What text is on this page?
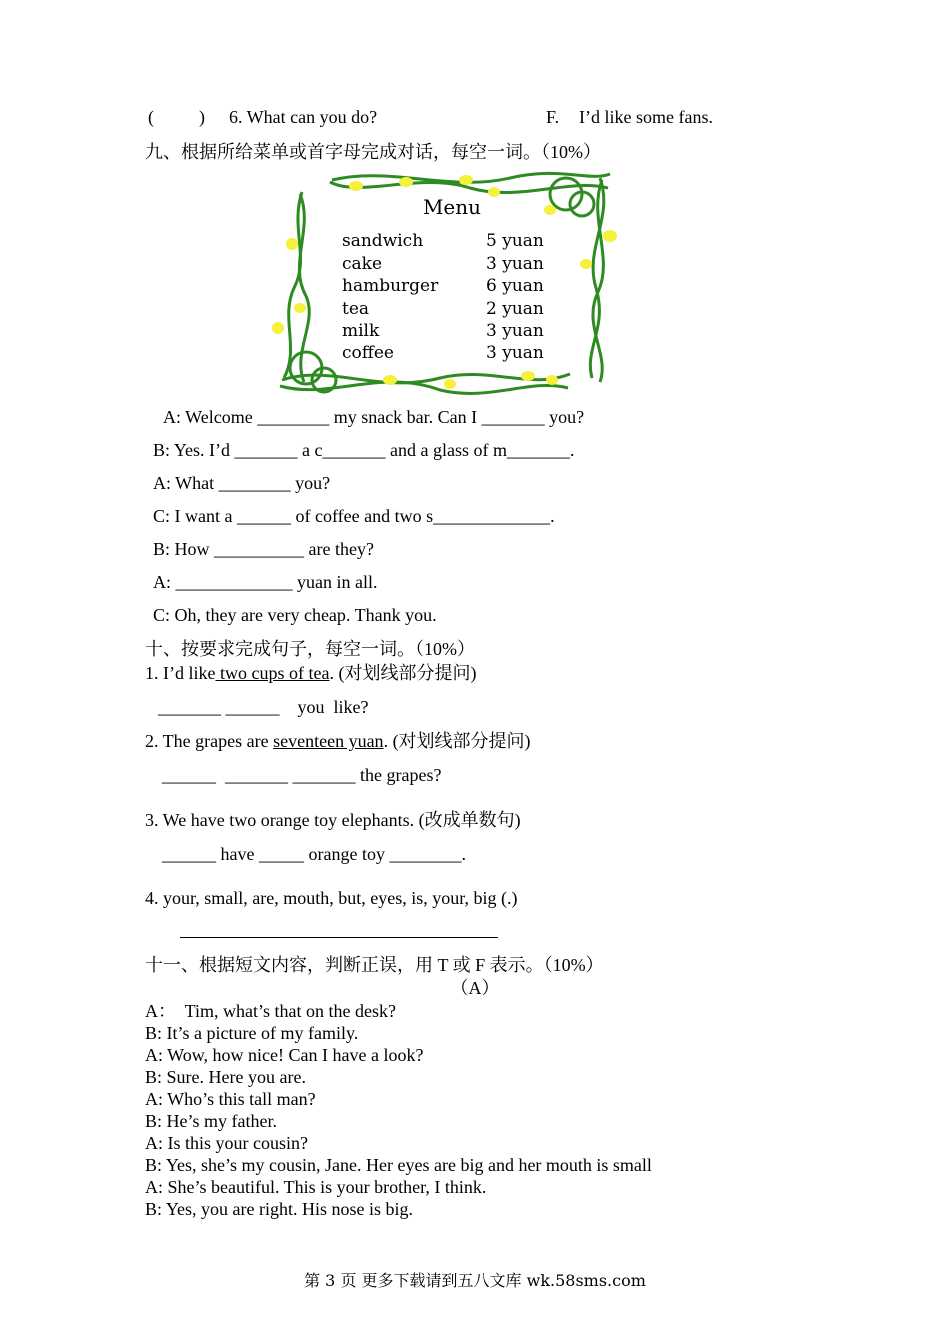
(          ) 6. What can you do?	F. I’d like some fans.
九、根据所给菜单或首字母完成对话，每空一词。（10%）
Menu
sandwich	5 yuan
cake	3 yuan
hamburger	6 yuan
tea	2 yuan
milk	3 yuan
coffee	3 yuan
A: Welcome ________ my snack bar. Can I _______ you?
B: Yes. I’d _______ a c_______ and a glass of m_______.
A: What ________ you?
C: I want a ______ of coffee and two s_____________.
B: How __________ are they?
A: _____________ yuan in all.
C: Oh, they are very cheap. Thank you.
十、按要求完成句子，每空一词。（10%）
1. I’d like two cups of tea. (对划线部分提问)
_______ ______    you  like?
2. The grapes are seventeen yuan. (对划线部分提问)
______  _______ _______ the grapes?
3. We have two orange toy elephants. (改成单数句)
______ have _____ orange toy ________.
4. your, small, are, mouth, but, eyes, is, your, big (.)
十一、根据短文内容，判断正误，用 T 或 F 表示。（10%）
（A）
A：  Tim, what’s that on the desk?
B: It’s a picture of my family.
A: Wow, how nice! Can I have a look?
B: Sure. Here you are.
A: Who’s this tall man?
B: He’s my father.
A: Is this your cousin?
B: Yes, she’s my cousin, Jane. Her eyes are big and her mouth is small
A: She’s beautiful. This is your brother, I think.
B: Yes, you are right. His nose is big.
第 3 页 更多下载请到五八文库 wk.58sms.com
